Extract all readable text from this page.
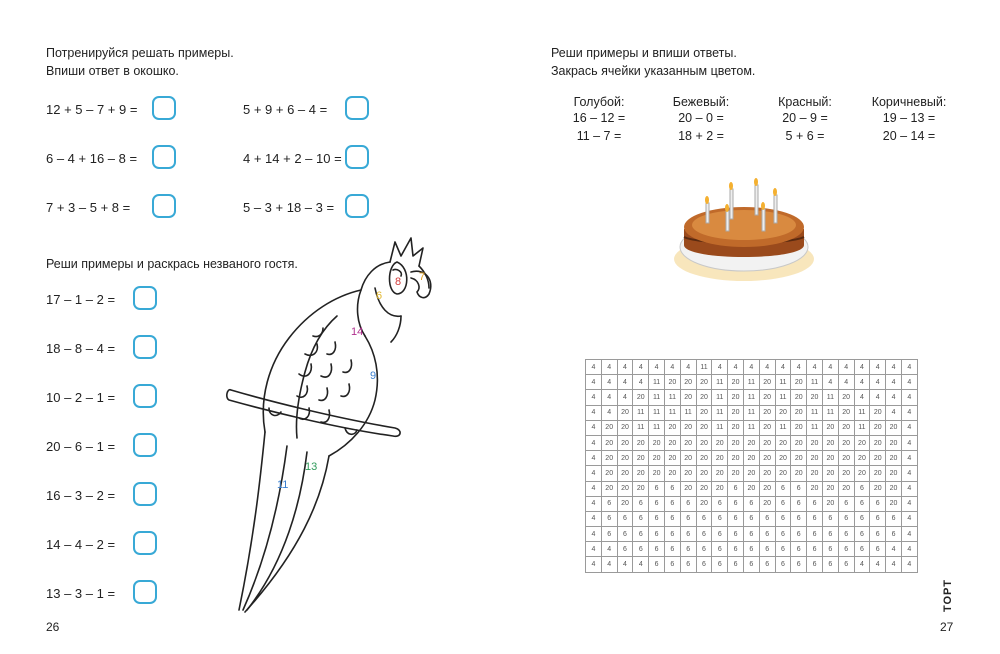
Потренируйся решать примеры.
Впиши ответ в окошко.
12 + 5 – 7 + 9 =	5 + 9 + 6 – 4 =
6 – 4 + 16 – 8 =	4 + 14 + 2 – 10 =
7 + 3 – 5 + 8 =	5 – 3 + 18 – 3 =
Реши примеры и раскрась незваного гостя.
17 – 1 – 2 =
18 – 8 – 4 =
10 – 2 – 1 =
20 – 6 – 1 =
16 – 3 – 2 =
14 – 4 – 2 =
13 – 3 – 1 =
7
8
6
14
9
13
11
26
Реши примеры и впиши ответы.
Закрась ячейки указанным цветом.
Голубой:
16 – 12 =
11 – 7 =
Бежевый:
20 – 0 =
18 + 2 =
Красный:
20 – 9 =
5 + 6 =
Коричневый:
19 – 13 =
20 – 14 =
4	4	4	4	4	4	4	11	4	4	4	4	4	4	4	4	4	4	4	4	4
4	4	4	4	11	20	20	20	11	20	11	20	11	20	11	4	4	4	4	4	4
4	4	4	20	11	11	20	20	11	20	11	20	11	20	20	11	20	4	4	4	4
4	4	20	11	11	11	11	20	11	20	11	20	20	20	11	11	20	11	20	4	4
4	20	20	11	11	20	20	20	11	20	11	20	11	20	11	20	20	11	20	20	4
4	20	20	20	20	20	20	20	20	20	20	20	20	20	20	20	20	20	20	20	4
4	20	20	20	20	20	20	20	20	20	20	20	20	20	20	20	20	20	20	20	4
4	20	20	20	20	20	20	20	20	20	20	20	20	20	20	20	20	20	20	20	4
4	20	20	20	6	6	20	20	20	6	20	20	6	6	20	20	20	6	20	20	4
4	6	20	6	6	6	6	20	6	6	6	20	6	6	6	20	6	6	6	20	4
4	6	6	6	6	6	6	6	6	6	6	6	6	6	6	6	6	6	6	6	4
4	6	6	6	6	6	6	6	6	6	6	6	6	6	6	6	6	6	6	6	4
4	4	6	6	6	6	6	6	6	6	6	6	6	6	6	6	6	6	6	4	4
4	4	4	4	6	6	6	6	6	6	6	6	6	6	6	6	6	4	4	4	4
ТОРТ
27
